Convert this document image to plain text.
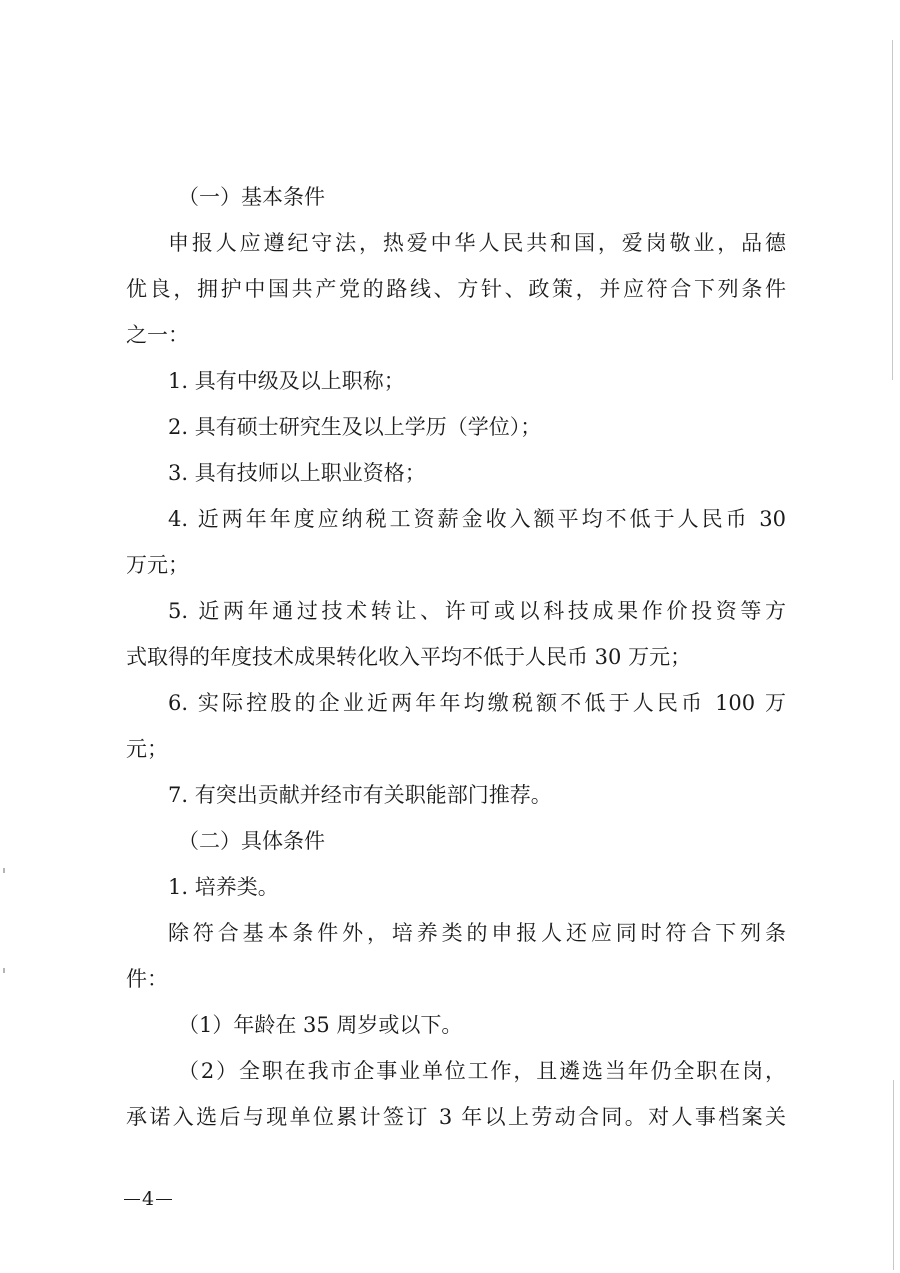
（一）基本条件
申报人应遵纪守法，热爱中华人民共和国，爱岗敬业，品德
优良，拥护中国共产党的路线、方针、政策，并应符合下列条件
之一：
1. 具有中级及以上职称；
2. 具有硕士研究生及以上学历（学位）；
3. 具有技师以上职业资格；
4. 近两年年度应纳税工资薪金收入额平均不低于人民币 30
万元；
5. 近两年通过技术转让、许可或以科技成果作价投资等方
式取得的年度技术成果转化收入平均不低于人民币 30 万元；
6. 实际控股的企业近两年年均缴税额不低于人民币 100 万
元；
7. 有突出贡献并经市有关职能部门推荐。
（二）具体条件
1. 培养类。
除符合基本条件外，培养类的申报人还应同时符合下列条
件：
（1）年龄在 35 周岁或以下。
（2）全职在我市企事业单位工作，且遴选当年仍全职在岗，
承诺入选后与现单位累计签订 3 年以上劳动合同。对人事档案关
4
